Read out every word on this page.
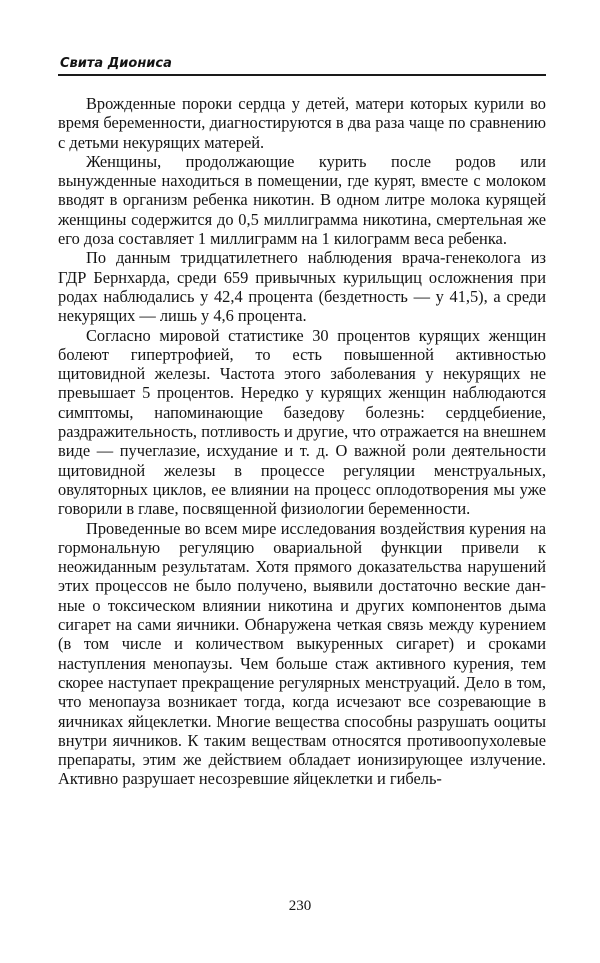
Свита Диониса

Врожденные пороки сердца у детей, матери которых курили во время беременности, диагностируются в два раза чаще по сравнению с детьми некурящих матерей.

Женщины, продолжающие курить после родов или вынужденные находиться в помещении, где курят, вместе с молоком вводят в организм ребенка никотин. В одном литре молока курящей женщины содержится до 0,5 миллиграмма никотина, смертельная же его доза составляет 1 миллиграмм на 1 килограмм веса ребенка.

По данным тридцатилетнего наблюдения врача-генеколога из ГДР Бернхарда, среди 659 привычных курильщиц осложнения при родах наблюдались у 42,4 процента (бездетность — у 41,5), а среди некурящих — лишь у 4,6 процента.

Согласно мировой статистике 30 процентов курящих женщин болеют гипертрофией, то есть повышенной активностью щитовидной железы. Частота этого заболевания у некурящих не превышает 5 процентов. Нередко у курящих женщин наблюдаются симптомы, напоминающие базедову болезнь: сердцебиение, раздражительность, потливость и другие, что отражается на внешнем виде — пучеглазие, исхудание и т. д. О важной роли деятельности щитовидной железы в процессе регуляции менструальных, овуляторных циклов, ее влиянии на процесс оплодотворения мы уже говорили в главе, посвященной физиологии беременности.

Проведенные во всем мире исследования воздействия курения на гормональную регуляцию овариальной функции привели к неожиданным результатам. Хотя прямого доказательства нарушений этих процессов не было получено, выявили достаточно веские данные о токсическом влиянии никотина и других компонентов дыма сигарет на сами яичники. Обнаружена четкая связь между курением (в том числе и количеством выкуренных сигарет) и сроками наступления менопаузы. Чем больше стаж активного курения, тем скорее наступает прекращение регулярных менструаций. Дело в том, что менопауза возникает тогда, когда исчезают все созревающие в яичниках яйцеклетки. Многие вещества способны разрушать ооциты внутри яичников. К таким веществам относятся противоопухолевые препараты, этим же действием обладает ионизирующее излучение. Активно разрушает несозревшие яйцеклетки и гибель-

230
